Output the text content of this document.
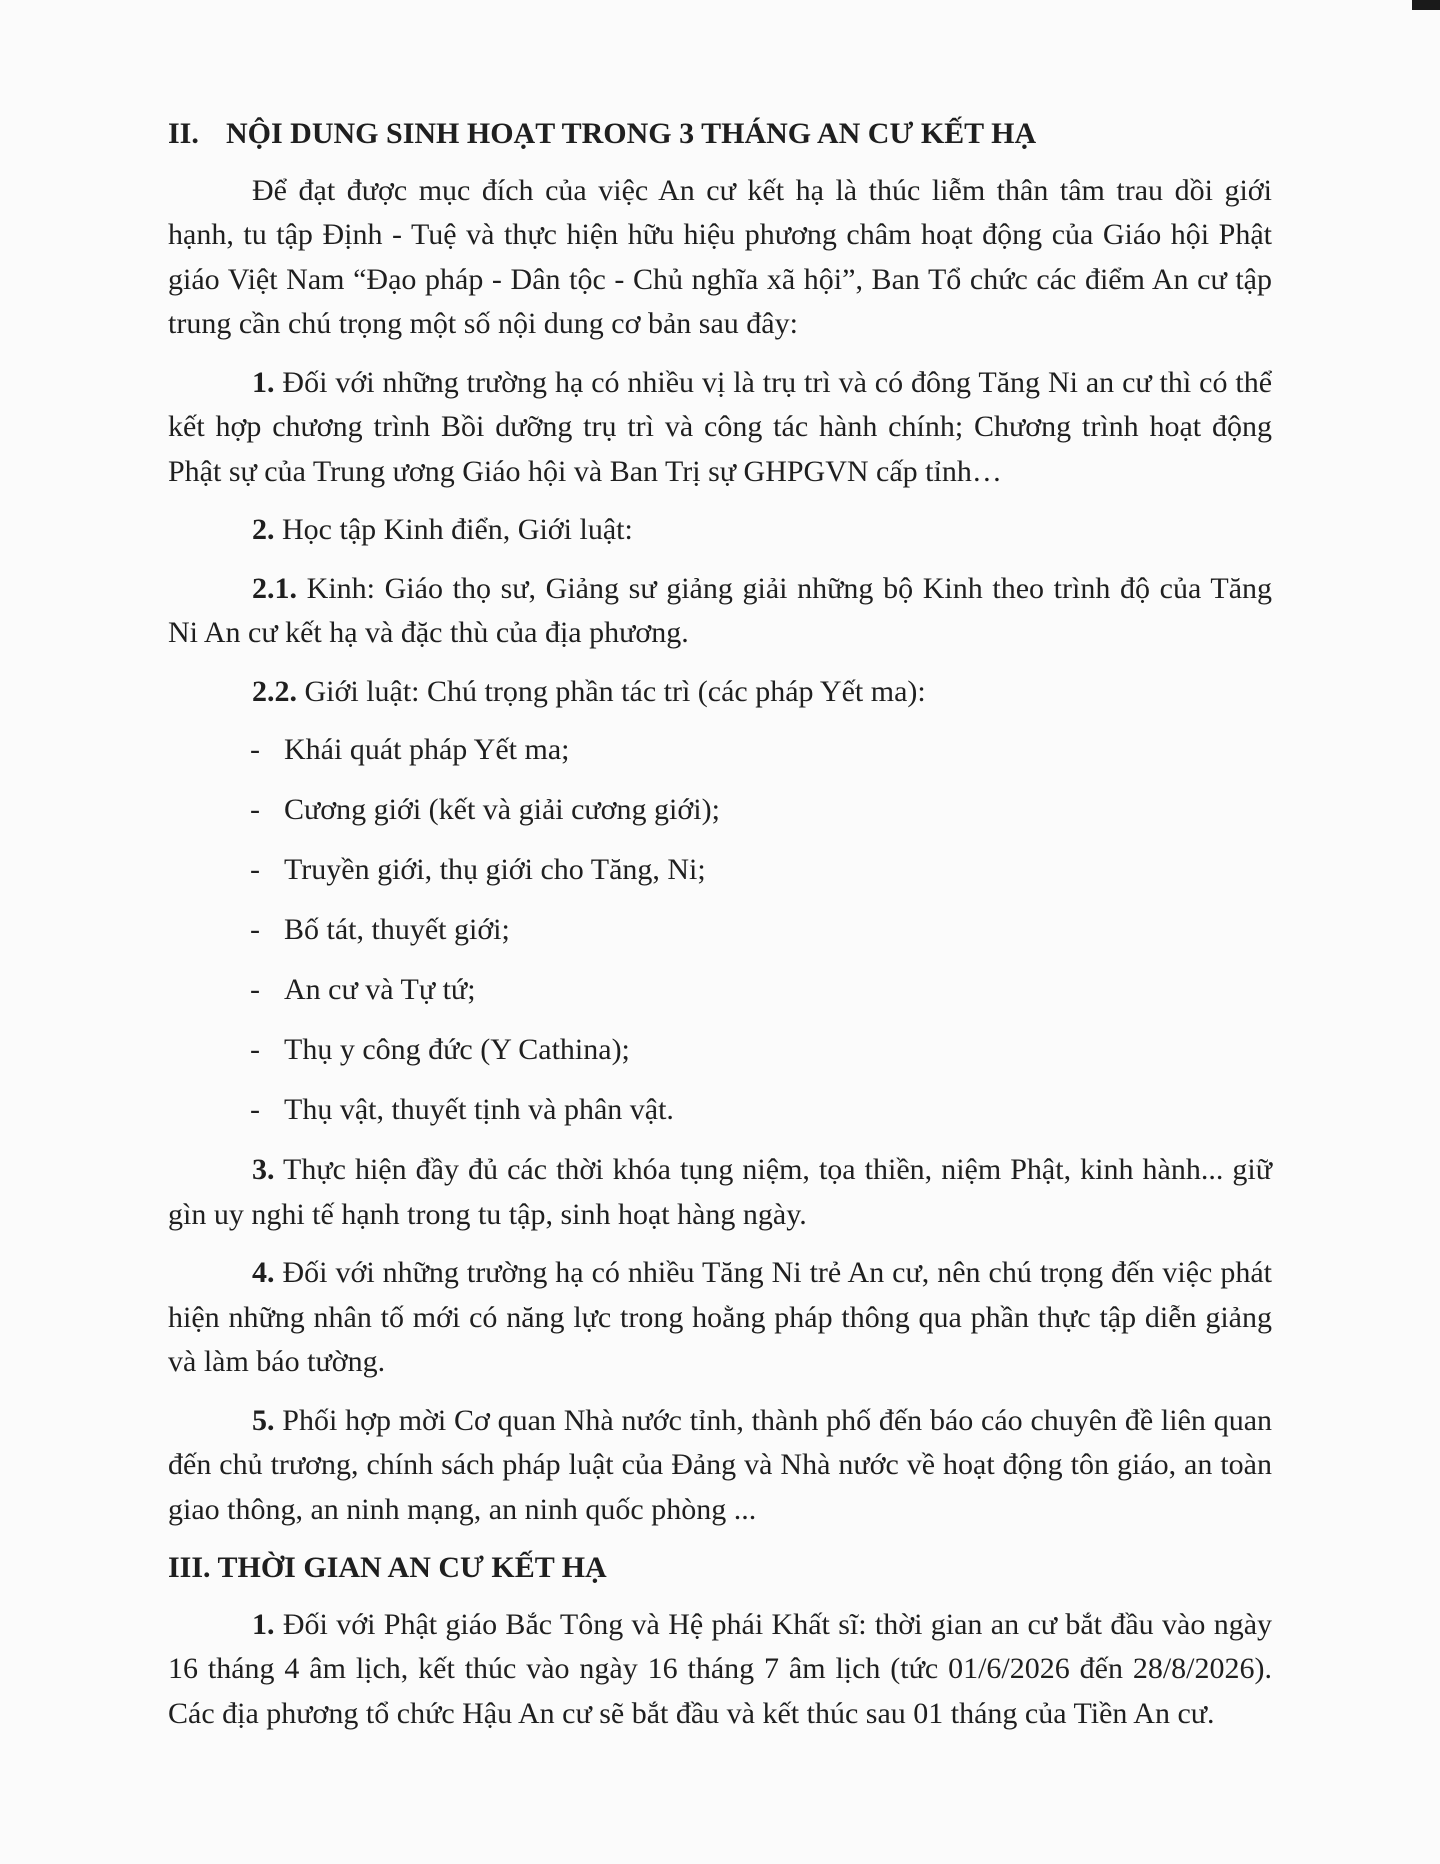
II. NỘI DUNG SINH HOẠT TRONG 3 THÁNG AN CƯ KẾT HẠ

Để đạt được mục đích của việc An cư kết hạ là thúc liễm thân tâm trau dồi giới hạnh, tu tập Định - Tuệ và thực hiện hữu hiệu phương châm hoạt động của Giáo hội Phật giáo Việt Nam “Đạo pháp - Dân tộc - Chủ nghĩa xã hội”, Ban Tổ chức các điểm An cư tập trung cần chú trọng một số nội dung cơ bản sau đây:

1. Đối với những trường hạ có nhiều vị là trụ trì và có đông Tăng Ni an cư thì có thể kết hợp chương trình Bồi dưỡng trụ trì và công tác hành chính; Chương trình hoạt động Phật sự của Trung ương Giáo hội và Ban Trị sự GHPGVN cấp tỉnh…

2. Học tập Kinh điển, Giới luật:

2.1. Kinh: Giáo thọ sư, Giảng sư giảng giải những bộ Kinh theo trình độ của Tăng Ni An cư kết hạ và đặc thù của địa phương.

2.2. Giới luật: Chú trọng phần tác trì (các pháp Yết ma):

- Khái quát pháp Yết ma;
- Cương giới (kết và giải cương giới);
- Truyền giới, thụ giới cho Tăng, Ni;
- Bố tát, thuyết giới;
- An cư và Tự tứ;
- Thụ y công đức (Y Cathina);
- Thụ vật, thuyết tịnh và phân vật.

3. Thực hiện đầy đủ các thời khóa tụng niệm, tọa thiền, niệm Phật, kinh hành... giữ gìn uy nghi tế hạnh trong tu tập, sinh hoạt hàng ngày.

4. Đối với những trường hạ có nhiều Tăng Ni trẻ An cư, nên chú trọng đến việc phát hiện những nhân tố mới có năng lực trong hoằng pháp thông qua phần thực tập diễn giảng và làm báo tường.

5. Phối hợp mời Cơ quan Nhà nước tỉnh, thành phố đến báo cáo chuyên đề liên quan đến chủ trương, chính sách pháp luật của Đảng và Nhà nước về hoạt động tôn giáo, an toàn giao thông, an ninh mạng, an ninh quốc phòng ...

III. THỜI GIAN AN CƯ KẾT HẠ

1. Đối với Phật giáo Bắc Tông và Hệ phái Khất sĩ: thời gian an cư bắt đầu vào ngày 16 tháng 4 âm lịch, kết thúc vào ngày 16 tháng 7 âm lịch (tức 01/6/2026 đến 28/8/2026). Các địa phương tổ chức Hậu An cư sẽ bắt đầu và kết thúc sau 01 tháng của Tiền An cư.
